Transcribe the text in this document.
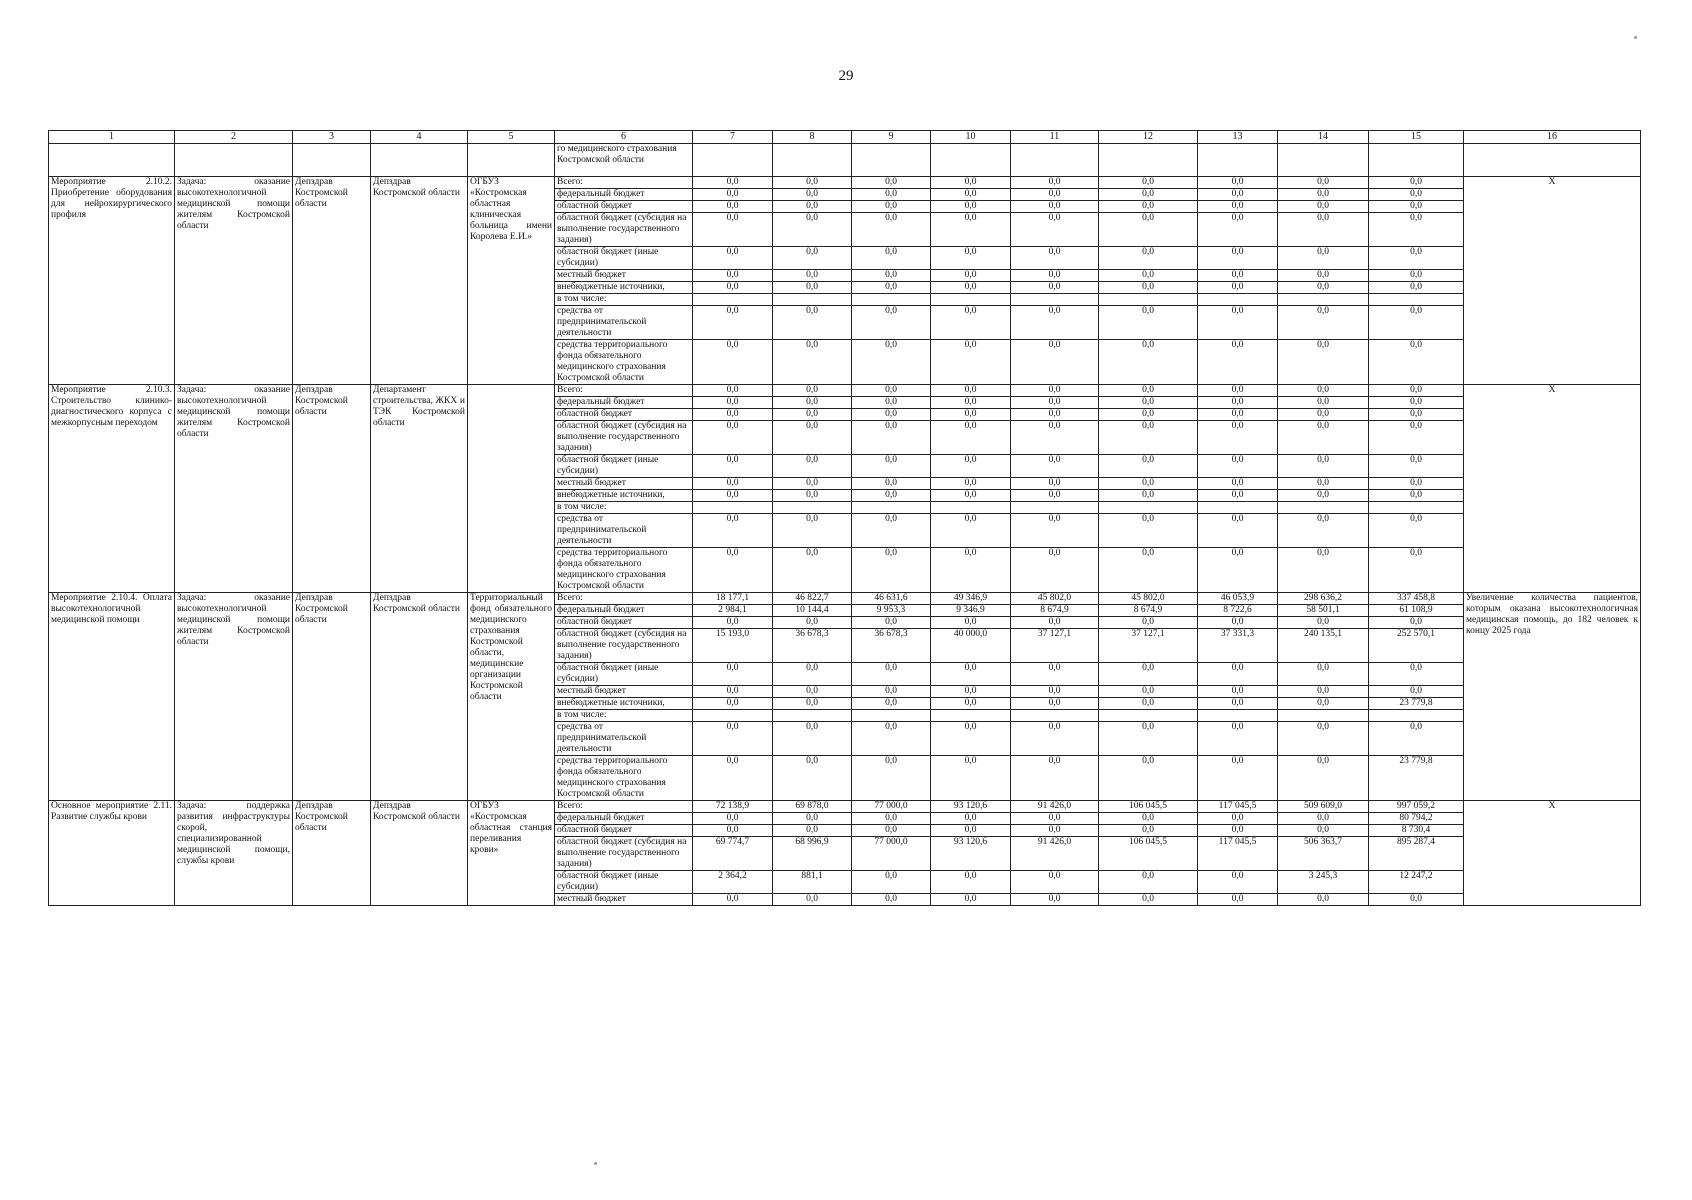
29
1	2	3	4	5	6	7	8	9	10	11	12	13	14	15	16
					го медицинского страхования Костромской области										
Мероприятие 2.10.2. Приобретение оборудования для нейрохирургического профиля	Задача: оказание высокотехнологичной медицинской помощи жителям Костромской области	Депздрав Костромской области	Депздрав Костромской области	ОГБУЗ «Костромская областная клиническая больница имени Королева Е.И.»	Всего:	0,0	0,0	0,0	0,0	0,0	0,0	0,0	0,0	0,0	X
					федеральный бюджет	0,0	0,0	0,0	0,0	0,0	0,0	0,0	0,0	0,0	
					областной бюджет	0,0	0,0	0,0	0,0	0,0	0,0	0,0	0,0	0,0	
					областной бюджет (субсидия на выполнение государственного задания)	0,0	0,0	0,0	0,0	0,0	0,0	0,0	0,0	0,0	
					областной бюджет (иные субсидии)	0,0	0,0	0,0	0,0	0,0	0,0	0,0	0,0	0,0	
					местный бюджет	0,0	0,0	0,0	0,0	0,0	0,0	0,0	0,0	0,0	
					внебюджетные источники,	0,0	0,0	0,0	0,0	0,0	0,0	0,0	0,0	0,0	
					в том числе:										
					средства от предпринимательской деятельности	0,0	0,0	0,0	0,0	0,0	0,0	0,0	0,0	0,0	
					средства территориального фонда обязательного медицинского страхования Костромской области	0,0	0,0	0,0	0,0	0,0	0,0	0,0	0,0	0,0	
Мероприятие 2.10.3. Строительство клинико-диагностического корпуса с межкорпусным переходом	Задача: оказание высокотехнологичной медицинской помощи жителям Костромской области	Депздрав Костромской области	Департамент строительства, ЖКХ и ТЭК Костромской области		Всего:	0,0	0,0	0,0	0,0	0,0	0,0	0,0	0,0	0,0	X
					федеральный бюджет	0,0	0,0	0,0	0,0	0,0	0,0	0,0	0,0	0,0	
					областной бюджет	0,0	0,0	0,0	0,0	0,0	0,0	0,0	0,0	0,0	
					областной бюджет (субсидия на выполнение государственного задания)	0,0	0,0	0,0	0,0	0,0	0,0	0,0	0,0	0,0	
					областной бюджет (иные субсидии)	0,0	0,0	0,0	0,0	0,0	0,0	0,0	0,0	0,0	
					местный бюджет	0,0	0,0	0,0	0,0	0,0	0,0	0,0	0,0	0,0	
					внебюджетные источники,	0,0	0,0	0,0	0,0	0,0	0,0	0,0	0,0	0,0	
					в том числе:										
					средства от предпринимательской деятельности	0,0	0,0	0,0	0,0	0,0	0,0	0,0	0,0	0,0	
					средства территориального фонда обязательного медицинского страхования Костромской области	0,0	0,0	0,0	0,0	0,0	0,0	0,0	0,0	0,0	
Мероприятие 2.10.4. Оплата высокотехнологичной медицинской помощи	Задача: оказание высокотехнологичной медицинской помощи жителям Костромской области	Депздрав Костромской области	Депздрав Костромской области	Территориальный фонд обязательного медицинского страхования Костромской области, медицинские организации Костромской области	Всего:	18 177,1	46 822,7	46 631,6	49 346,9	45 802,0	45 802,0	46 053,9	298 636,2	337 458,8	Увеличение количества пациентов, которым оказана высокотехнологичная медицинская помощь, до 182 человек к концу 2025 года
					федеральный бюджет	2 984,1	10 144,4	9 953,3	9 346,9	8 674,9	8 674,9	8 722,6	58 501,1	61 108,9	
					областной бюджет	0,0	0,0	0,0	0,0	0,0	0,0	0,0	0,0	0,0	
					областной бюджет (субсидия на выполнение государственного задания)	15 193,0	36 678,3	36 678,3	40 000,0	37 127,1	37 127,1	37 331,3	240 135,1	252 570,1	
					областной бюджет (иные субсидии)	0,0	0,0	0,0	0,0	0,0	0,0	0,0	0,0	0,0	
					местный бюджет	0,0	0,0	0,0	0,0	0,0	0,0	0,0	0,0	0,0	
					внебюджетные источники,	0,0	0,0	0,0	0,0	0,0	0,0	0,0	0,0	23 779,8	
					в том числе:										
					средства от предпринимательской деятельности	0,0	0,0	0,0	0,0	0,0	0,0	0,0	0,0	0,0	
					средства территориального фонда обязательного медицинского страхования Костромской области	0,0	0,0	0,0	0,0	0,0	0,0	0,0	0,0	23 779,8	
Основное мероприятие 2.11. Развитие службы крови	Задача: поддержка развития инфраструктуры скорой, специализированной медицинской помощи, службы крови	Депздрав Костромской области	Депздрав Костромской области	ОГБУЗ «Костромская областная станция переливания крови»	Всего:	72 138,9	69 878,0	77 000,0	93 120,6	91 426,0	106 045,5	117 045,5	509 609,0	997 059,2	X
					федеральный бюджет	0,0	0,0	0,0	0,0	0,0	0,0	0,0	0,0	80 794,2	
					областной бюджет	0,0	0,0	0,0	0,0	0,0	0,0	0,0	0,0	8 730,4	
					областной бюджет (субсидия на выполнение государственного задания)	69 774,7	68 996,9	77 000,0	93 120,6	91 426,0	106 045,5	117 045,5	506 363,7	895 287,4	
					областной бюджет (иные субсидии)	2 364,2	881,1	0,0	0,0	0,0	0,0	0,0	3 245,3	12 247,2	
					местный бюджет	0,0	0,0	0,0	0,0	0,0	0,0	0,0	0,0	0,0	
